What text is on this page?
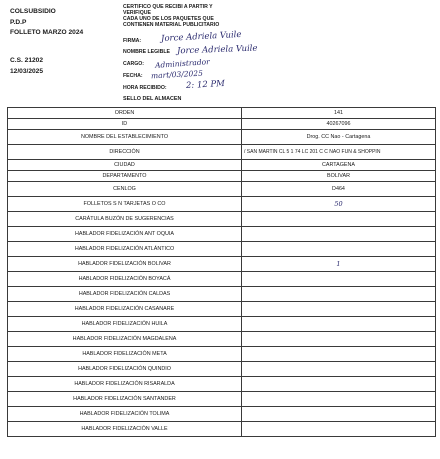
COLSUBSIDIO
P.D.P
FOLLETO MARZO 2024
C.S. 21202
12/03/2025
CERTIFICO QUE RECIBI A PARTIR Y
VERIFIQUE
CADA UNO DE LOS PAQUETES QUE
CONTIENEN MATERIAL PUBLICITARIO
FIRMA:
NOMBRE LEGIBLE
CARGO:
FECHA:
HORA RECIBIDO:
Jorce Adriela Vuile
Jorce Adriela Vuile
Administrador
mart/03/2025
2: 12 PM
SELLO DEL ALMACEN
ORDEN	141
ID	40267096
NOMBRE DEL ESTABLECIMIENTO	Drog. CC Nao - Cartagena
DIRECCIÓN	/ SAN MARTIN CL 5 1 74 LC 201 C C NAO FUN & SHOPPIN
CIUDAD	CARTAGENA
DEPARTAMENTO	BOLIVAR
CENLOG	D464
FOLLETOS S N TARJETAS O CO	50
CARÁTULA BUZÓN DE SUGERENCIAS	
HABLADOR FIDELIZACIÓN ANT OQUIA	
HABLADOR FIDELIZACIÓN ATLÁNTICO	
HABLADOR FIDELIZACIÓN BOLIVAR	1
HABLADOR FIDELIZACIÓN BOYACÁ	
HABLADOR FIDELIZACIÓN CALDAS	
HABLADOR FIDELIZACIÓN CASANARE	
HABLADOR FIDELIZACIÓN HUILA	
HABLADOR FIDELIZACIÓN MAGDALENA	
HABLADOR FIDELIZACIÓN META	
HABLADOR FIDELIZACIÓN QUINDIO	
HABLADOR FIDELIZACIÓN RISARALDA	
HABLADOR FIDELIZACIÓN SANTANDER	
HABLADOR FIDELIZACIÓN TOLIMA	
HABLADOR FIDELIZACIÓN VALLE	
